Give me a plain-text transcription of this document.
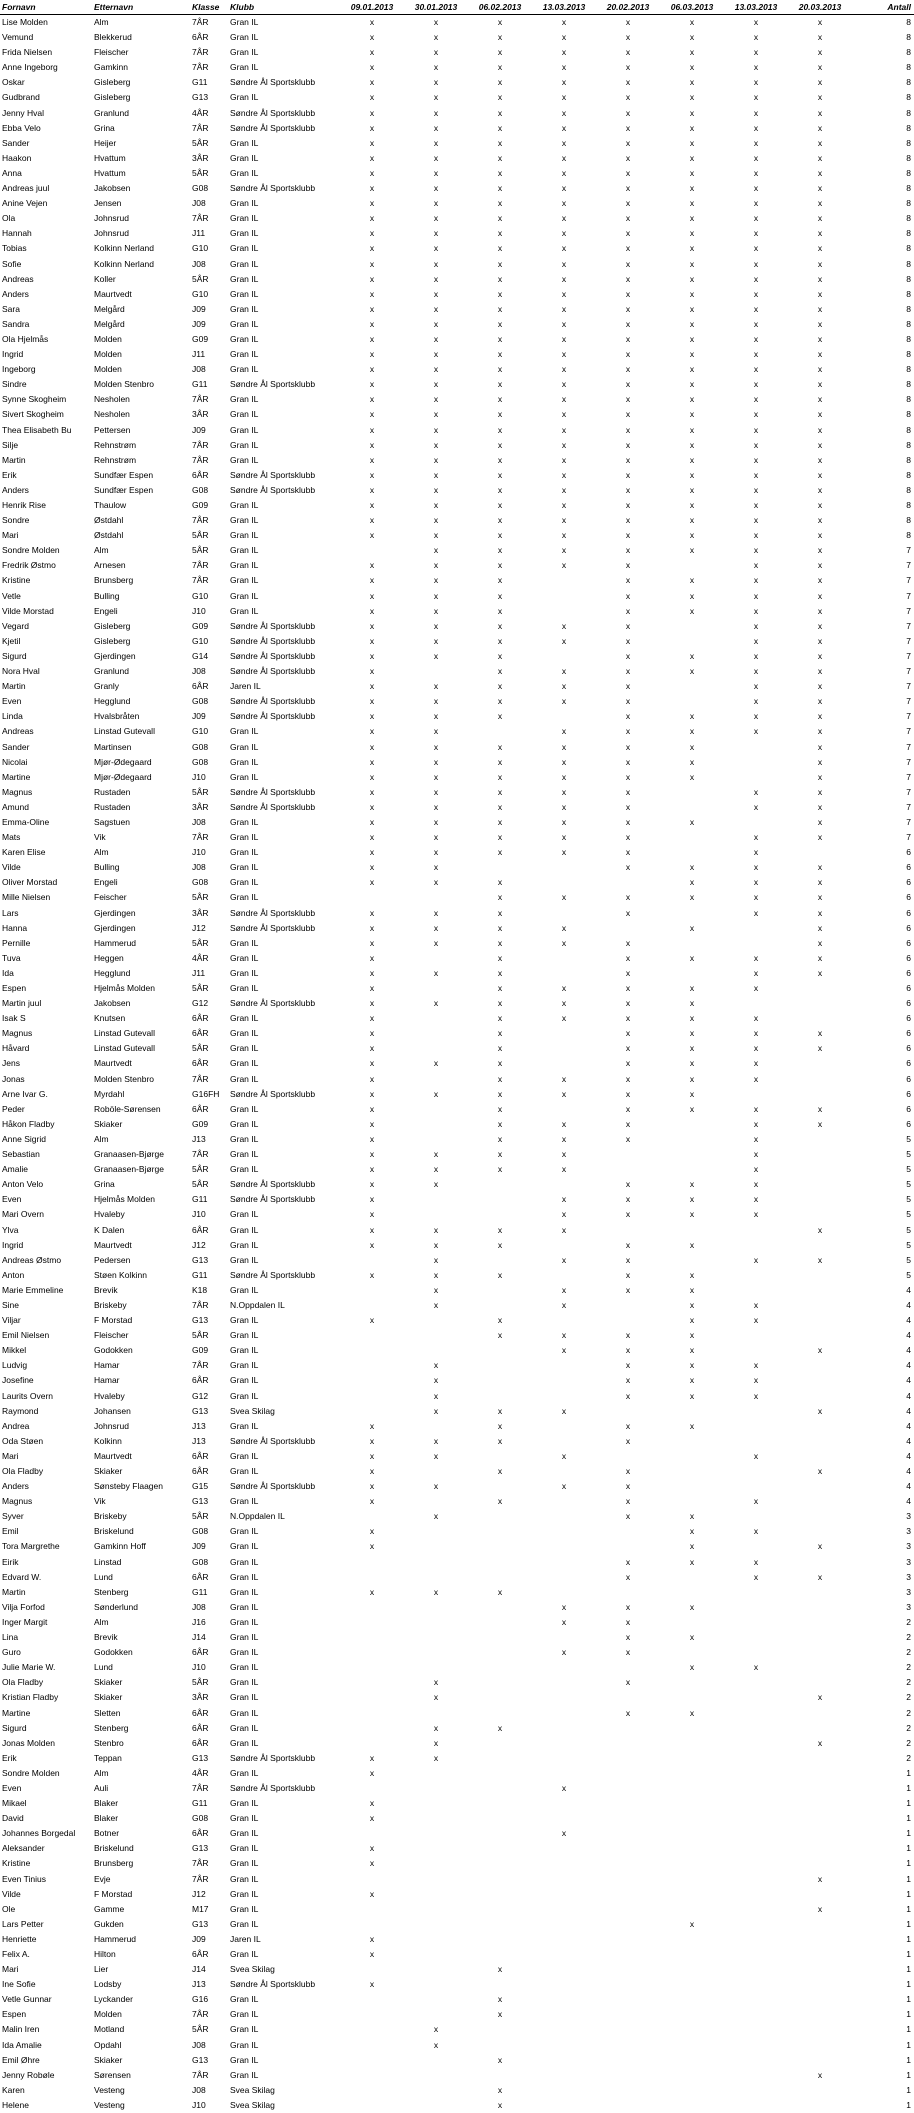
Fornavn	Etternavn	Klasse	Klubb	09.01.2013	30.01.2013	06.02.2013	13.03.2013	20.02.2013	06.03.2013	13.03.2013	20.03.2013	Antall
Lise Molden	Alm	7ÅR	Gran IL	x	x	x	x	x	x	x	x	8
Vemund	Blekkerud	6ÅR	Gran IL	x	x	x	x	x	x	x	x	8
Frida Nielsen	Fleischer	7ÅR	Gran IL	x	x	x	x	x	x	x	x	8
Anne Ingeborg	Gamkinn	7ÅR	Gran IL	x	x	x	x	x	x	x	x	8
Oskar	Gisleberg	G11	Søndre Ål Sportsklubb	x	x	x	x	x	x	x	x	8
Gudbrand	Gisleberg	G13	Gran IL	x	x	x	x	x	x	x	x	8
Jenny Hval	Granlund	4ÅR	Søndre Ål Sportsklubb	x	x	x	x	x	x	x	x	8
Ebba Velo	Grina	7ÅR	Søndre Ål Sportsklubb	x	x	x	x	x	x	x	x	8
Sander	Heijer	5ÅR	Gran IL	x	x	x	x	x	x	x	x	8
Haakon	Hvattum	3ÅR	Gran IL	x	x	x	x	x	x	x	x	8
Anna	Hvattum	5ÅR	Gran IL	x	x	x	x	x	x	x	x	8
Andreas juul	Jakobsen	G08	Søndre Ål Sportsklubb	x	x	x	x	x	x	x	x	8
Anine Vejen	Jensen	J08	Gran IL	x	x	x	x	x	x	x	x	8
Ola	Johnsrud	7ÅR	Gran IL	x	x	x	x	x	x	x	x	8
Hannah	Johnsrud	J11	Gran IL	x	x	x	x	x	x	x	x	8
Tobias	Kolkinn Nerland	G10	Gran IL	x	x	x	x	x	x	x	x	8
Sofie	Kolkinn Nerland	J08	Gran IL	x	x	x	x	x	x	x	x	8
Andreas	Koller	5ÅR	Gran IL	x	x	x	x	x	x	x	x	8
Anders	Maurtvedt	G10	Gran IL	x	x	x	x	x	x	x	x	8
Sara	Melgård	J09	Gran IL	x	x	x	x	x	x	x	x	8
Sandra	Melgård	J09	Gran IL	x	x	x	x	x	x	x	x	8
Ola Hjelmås	Molden	G09	Gran IL	x	x	x	x	x	x	x	x	8
Ingrid	Molden	J11	Gran IL	x	x	x	x	x	x	x	x	8
Ingeborg	Molden	J08	Gran IL	x	x	x	x	x	x	x	x	8
Sindre	Molden Stenbro	G11	Søndre Ål Sportsklubb	x	x	x	x	x	x	x	x	8
Synne Skogheim	Nesholen	7ÅR	Gran IL	x	x	x	x	x	x	x	x	8
Sivert Skogheim	Nesholen	3ÅR	Gran IL	x	x	x	x	x	x	x	x	8
Thea Elisabeth Bu	Pettersen	J09	Gran IL	x	x	x	x	x	x	x	x	8
Silje	Rehnstrøm	7ÅR	Gran IL	x	x	x	x	x	x	x	x	8
Martin	Rehnstrøm	7ÅR	Gran IL	x	x	x	x	x	x	x	x	8
Erik	Sundfær Espen	6ÅR	Søndre Ål Sportsklubb	x	x	x	x	x	x	x	x	8
Anders	Sundfær Espen	G08	Søndre Ål Sportsklubb	x	x	x	x	x	x	x	x	8
Henrik Rise	Thaulow	G09	Gran IL	x	x	x	x	x	x	x	x	8
Sondre	Østdahl	7ÅR	Gran IL	x	x	x	x	x	x	x	x	8
Mari	Østdahl	5ÅR	Gran IL	x	x	x	x	x	x	x	x	8
Sondre Molden	Alm	5ÅR	Gran IL		x	x	x	x	x	x	x	7
Fredrik Østmo	Arnesen	7ÅR	Gran IL	x	x	x	x	x		x	x	7
Kristine	Brunsberg	7ÅR	Gran IL	x	x	x		x	x	x	x	7
Vetle	Bulling	G10	Gran IL	x	x	x		x	x	x	x	7
Vilde Morstad	Engeli	J10	Gran IL	x	x	x		x	x	x	x	7
Vegard	Gisleberg	G09	Søndre Ål Sportsklubb	x	x	x	x	x		x	x	7
Kjetil	Gisleberg	G10	Søndre Ål Sportsklubb	x	x	x	x	x		x	x	7
Sigurd	Gjerdingen	G14	Søndre Ål Sportsklubb	x	x	x		x	x	x	x	7
Nora Hval	Granlund	J08	Søndre Ål Sportsklubb	x		x	x	x	x	x	x	7
Martin	Granly	6ÅR	Jaren IL	x	x	x	x	x		x	x	7
Even	Hegglund	G08	Søndre Ål Sportsklubb	x	x	x	x	x		x	x	7
Linda	Hvalsbråten	J09	Søndre Ål Sportsklubb	x	x	x		x	x	x	x	7
Andreas	Linstad Gutevall	G10	Gran IL	x	x		x	x	x	x	x	7
Sander	Martinsen	G08	Gran IL	x	x	x	x	x	x		x	7
Nicolai	Mjør-Ødegaard	G08	Gran IL	x	x	x	x	x	x		x	7
Martine	Mjør-Ødegaard	J10	Gran IL	x	x	x	x	x	x		x	7
Magnus	Rustaden	5ÅR	Søndre Ål Sportsklubb	x	x	x	x	x		x	x	7
Amund	Rustaden	3ÅR	Søndre Ål Sportsklubb	x	x	x	x	x		x	x	7
Emma-Oline	Sagstuen	J08	Gran IL	x	x	x	x	x	x		x	7
Mats	Vik	7ÅR	Gran IL	x	x	x	x	x		x	x	7
Karen Elise	Alm	J10	Gran IL	x	x	x	x	x		x		6
Vilde	Bulling	J08	Gran IL	x	x			x	x	x	x	6
Oliver Morstad	Engeli	G08	Gran IL	x	x	x			x	x	x	6
Mille Nielsen	Feischer	5ÅR	Gran IL			x	x	x	x	x	x	6
Lars	Gjerdingen	3ÅR	Søndre Ål Sportsklubb	x	x	x		x		x	x	6
Hanna	Gjerdingen	J12	Søndre Ål Sportsklubb	x	x	x	x		x		x	6
Pernille	Hammerud	5ÅR	Gran IL	x	x	x	x	x			x	6
Tuva	Heggen	4ÅR	Gran IL	x		x		x	x	x	x	6
Ida	Hegglund	J11	Gran IL	x	x	x		x		x	x	6
Espen	Hjelmås Molden	5ÅR	Gran IL	x		x	x	x	x	x		6
Martin juul	Jakobsen	G12	Søndre Ål Sportsklubb	x	x	x	x	x	x			6
Isak S	Knutsen	6ÅR	Gran IL	x		x	x	x	x	x		6
Magnus	Linstad Gutevall	6ÅR	Gran IL	x		x		x	x	x	x	6
Håvard	Linstad Gutevall	5ÅR	Gran IL	x		x		x	x	x	x	6
Jens	Maurtvedt	6ÅR	Gran IL	x	x	x		x	x	x		6
Jonas	Molden Stenbro	7ÅR	Gran IL	x		x	x	x	x	x		6
Arne Ivar G.	Myrdahl	G16FH	Søndre Ål Sportsklubb	x	x	x	x	x	x			6
Peder	Roböle-Sørensen	6ÅR	Gran IL	x		x		x	x	x	x	6
Håkon Fladby	Skiaker	G09	Gran IL	x		x	x	x		x	x	6
Anne Sigrid	Alm	J13	Gran IL	x		x	x	x		x		5
Sebastian	Granaasen-Bjørge	7ÅR	Gran IL	x	x	x	x			x		5
Amalie	Granaasen-Bjørge	5ÅR	Gran IL	x	x	x	x			x		5
Anton Velo	Grina	5ÅR	Søndre Ål Sportsklubb	x	x			x	x	x		5
Even	Hjelmås Molden	G11	Søndre Ål Sportsklubb	x			x	x	x	x		5
Mari Overn	Hvaleby	J10	Gran IL	x			x	x	x	x		5
Ylva	K Dalen	6ÅR	Gran IL	x	x	x	x				x	5
Ingrid	Maurtvedt	J12	Gran IL	x	x	x		x	x			5
Andreas Østmo	Pedersen	G13	Gran IL		x		x	x		x	x	5
Anton	Støen Kolkinn	G11	Søndre Ål Sportsklubb	x	x	x		x	x			5
Marie Emmeline	Brevik	K18	Gran IL		x		x	x	x			4
Sine	Briskeby	7ÅR	N.Oppdalen IL		x		x		x	x		4
Viljar	F Morstad	G13	Gran IL	x		x			x	x		4
Emil Nielsen	Fleischer	5ÅR	Gran IL			x	x	x	x			4
Mikkel	Godokken	G09	Gran IL				x	x	x		x	4
Ludvig	Hamar	7ÅR	Gran IL		x			x	x	x		4
Josefine	Hamar	6ÅR	Gran IL		x			x	x	x		4
Laurits Overn	Hvaleby	G12	Gran IL		x			x	x	x		4
Raymond	Johansen	G13	Svea Skilag		x	x	x				x	4
Andrea	Johnsrud	J13	Gran IL	x		x		x	x			4
Oda Støen	Kolkinn	J13	Søndre Ål Sportsklubb	x	x	x		x				4
Mari	Maurtvedt	6ÅR	Gran IL	x	x		x			x		4
Ola Fladby	Skiaker	6ÅR	Gran IL	x		x		x			x	4
Anders	Sønsteby Flaagen	G15	Søndre Ål Sportsklubb	x	x		x	x				4
Magnus	Vik	G13	Gran IL	x		x		x		x		4
Syver	Briskeby	5ÅR	N.Oppdalen IL		x			x	x			3
Emil	Briskelund	G08	Gran IL	x					x	x		3
Tora Margrethe	Gamkinn Hoff	J09	Gran IL	x					x		x	3
Eirik	Linstad	G08	Gran IL					x	x	x		3
Edvard W.	Lund	6ÅR	Gran IL					x		x	x	3
Martin	Stenberg	G11	Gran IL	x	x	x						3
Vilja Forfod	Sønderlund	J08	Gran IL				x	x	x			3
Inger Margit	Alm	J16	Gran IL				x	x				2
Lina	Brevik	J14	Gran IL					x	x			2
Guro	Godokken	6ÅR	Gran IL				x	x				2
Julie Marie W.	Lund	J10	Gran IL						x	x		2
Ola Fladby	Skiaker	5ÅR	Gran IL		x			x				2
Kristian Fladby	Skiaker	3ÅR	Gran IL		x						x	2
Martine	Sletten	6ÅR	Gran IL					x	x			2
Sigurd	Stenberg	6ÅR	Gran IL		x	x						2
Jonas Molden	Stenbro	6ÅR	Gran IL		x						x	2
Erik	Teppan	G13	Søndre Ål Sportsklubb	x	x							2
Sondre Molden	Alm	4ÅR	Gran IL	x								1
Even	Auli	7ÅR	Søndre Ål Sportsklubb				x					1
Mikael	Blaker	G11	Gran IL	x								1
David	Blaker	G08	Gran IL	x								1
Johannes Borgedal	Botner	6ÅR	Gran IL				x					1
Aleksander	Briskelund	G13	Gran IL	x								1
Kristine	Brunsberg	7ÅR	Gran IL	x								1
Even Tinius	Evje	7ÅR	Gran IL								x	1
Vilde	F Morstad	J12	Gran IL	x								1
Ole	Gamme	M17	Gran IL								x	1
Lars Petter	Gukden	G13	Gran IL						x			1
Henriette	Hammerud	J09	Jaren IL	x								1
Felix A.	Hilton	6ÅR	Gran IL	x								1
Mari	Lier	J14	Svea Skilag			x						1
Ine Sofie	Lodsby	J13	Søndre Ål Sportsklubb	x								1
Vetle Gunnar	Lyckander	G16	Gran IL			x						1
Espen	Molden	7ÅR	Gran IL			x						1
Malin Iren	Motland	5ÅR	Gran IL		x							1
Ida Amalie	Opdahl	J08	Gran IL		x							1
Emil Øhre	Skiaker	G13	Gran IL			x						1
Jenny Robøle	Sørensen	7ÅR	Gran IL								x	1
Karen	Vesteng	J08	Svea Skilag			x						1
Helene	Vesteng	J10	Svea Skilag			x						1
